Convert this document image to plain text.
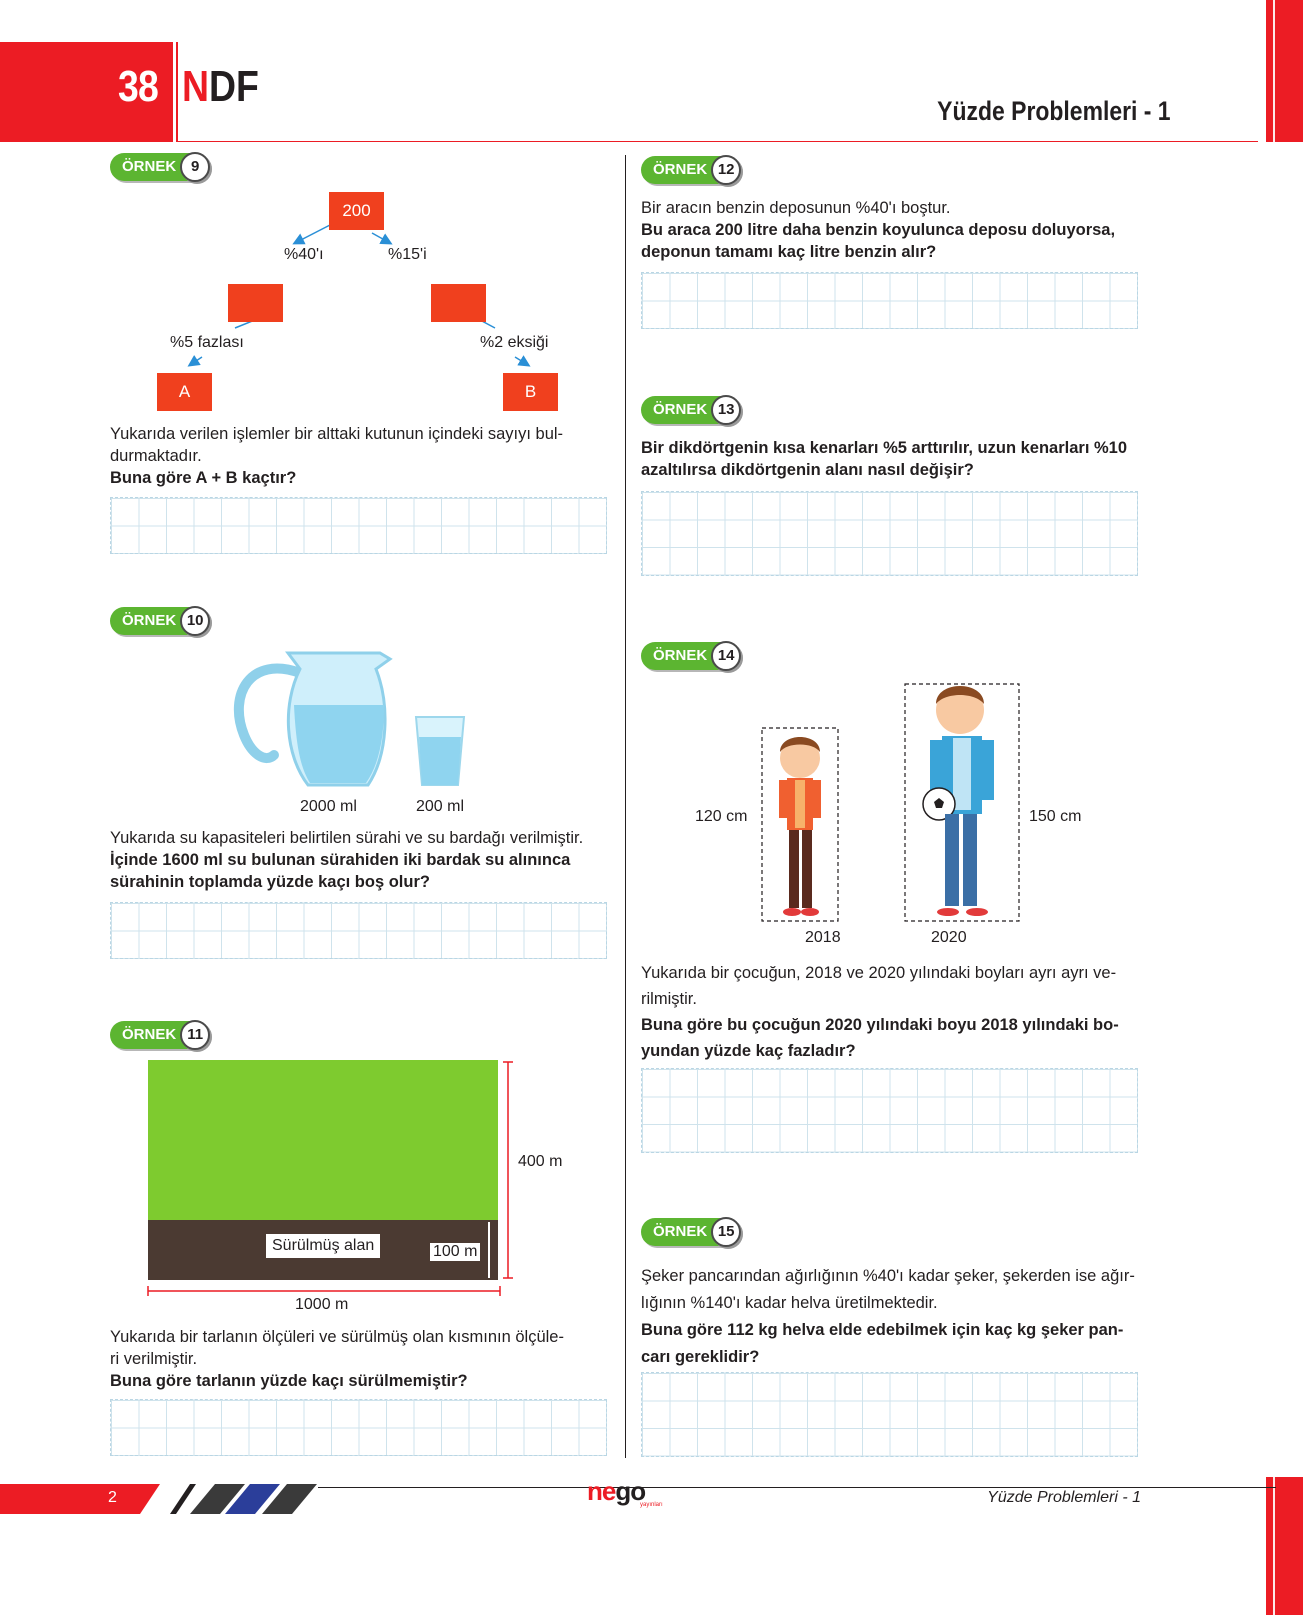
38 NDF	Yüzde Problemleri - 1
ÖRNEK 9
200
%40'ı	%15'i
%5 fazlası	%2 eksiği
A	B
Yukarıda verilen işlemler bir alttaki kutunun içindeki sayıyı bul-
durmaktadır.
Buna göre A + B kaçtır?
ÖRNEK 10
2000 ml	200 ml
Yukarıda su kapasiteleri belirtilen sürahi ve su bardağı verilmiştir.
İçinde 1600 ml su bulunan sürahiden iki bardak su alınınca
sürahinin toplamda yüzde kaçı boş olur?
ÖRNEK 11
Sürülmüş alan	100 m
400 m
1000 m
Yukarıda bir tarlanın ölçüleri ve sürülmüş olan kısmının ölçüle-
ri verilmiştir.
Buna göre tarlanın yüzde kaçı sürülmemiştir?
ÖRNEK 12
Bir aracın benzin deposunun %40'ı boştur.
Bu araca 200 litre daha benzin koyulunca deposu doluyorsa,
deponun tamamı kaç litre benzin alır?
ÖRNEK 13
Bir dikdörtgenin kısa kenarları %5 arttırılır, uzun kenarları %10
azaltılırsa dikdörtgenin alanı nasıl değişir?
ÖRNEK 14
120 cm	150 cm
2018	2020
Yukarıda bir çocuğun, 2018 ve 2020 yılındaki boyları ayrı ayrı ve-
rilmiştir.
Buna göre bu çocuğun 2020 yılındaki boyu 2018 yılındaki bo-
yundan yüzde kaç fazladır?
ÖRNEK 15
Şeker pancarından ağırlığının %40'ı kadar şeker, şekerden ise ağır-
lığının %140'ı kadar helva üretilmektedir.
Buna göre 112 kg helva elde edebilmek için kaç kg şeker pan-
carı gereklidir?
2	nego
yayınları	Yüzde Problemleri - 1
